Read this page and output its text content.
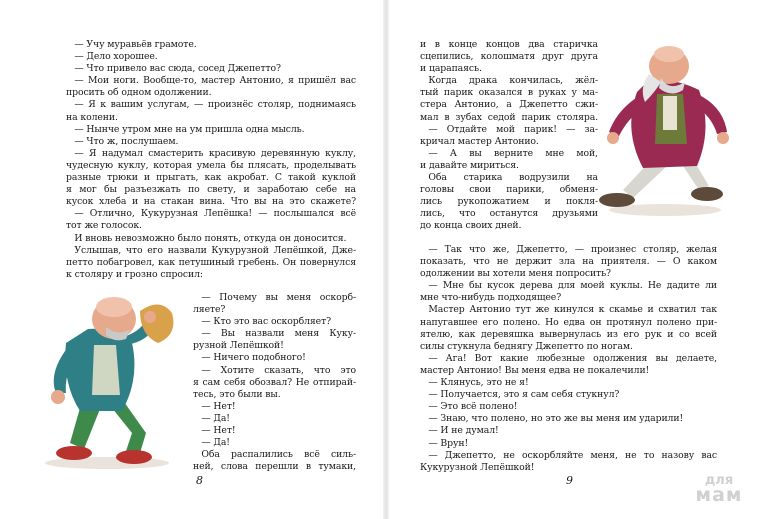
— Учу муравьёв грамоте.

— Дело хорошее.

— Что привело вас сюда, сосед Джепетто?

— Мои ноги. Вообще-то, мастер Антонио, я пришёл вас

просить об одном одолжении.

— Я к вашим услугам, — произнёс столяр, поднимаясь

на колени.

— Нынче утром мне на ум пришла одна мысль.

— Что ж, послушаем.

— Я надумал смастерить красивую деревянную куклу,

чудесную куклу, которая умела бы плясать, проделывать

разные трюки и прыгать, как акробат. С такой куклой

я мог бы разъезжать по свету, и заработаю себе на

кусок хлеба и на стакан вина. Что вы на это скажете?

— Отлично, Кукурузная Лепёшка! — послышался всё

тот же голосок.

И вновь невозможно было понять, откуда он доносится.

Услышав, что его назвали Кукурузной Лепёшкой, Дже-

петто побагровел, как петушиный гребень. Он повернулся

к столяру и грозно спросил:

— Почему вы меня оскорб-

ляете?

— Кто это вас оскорбляет?

— Вы назвали меня Куку-

рузной Лепёшкой!

— Ничего подобного!

— Хотите сказать, что это

я сам себя обозвал? Не отпирай-

тесь, это были вы.

— Нет!

— Да!

— Нет!

— Да!

Оба распалились всё силь-

ней, слова перешли в тумаки,

8

и в конце концов два старичка

сцепились, колошматя друг друга

и царапаясь.

Когда драка кончилась, жёл-

тый парик оказался в руках у ма-

стера Антонио, а Джепетто сжи-

мал в зубах седой парик столяра.

— Отдайте мой парик! — за-

кричал мастер Антонио.

— А вы верните мне мой,

и давайте мириться.

Оба старика водрузили на

головы свои парики, обменя-

лись рукопожатием и покля-

лись, что останутся друзьями

до конца своих дней.

— Так что же, Джепетто, — произнес столяр, желая

показать, что не держит зла на приятеля. — О каком

одолжении вы хотели меня попросить?

— Мне бы кусок дерева для моей куклы. Не дадите ли

мне что-нибудь подходящее?

Мастер Антонио тут же кинулся к скамье и схватил так

напугавшее его полено. Но едва он протянул полено при-

ятелю, как деревяшка вывернулась из его рук и со всей

силы стукнула беднягу Джепетто по ногам.

— Ага! Вот какие любезные одолжения вы делаете,

мастер Антонио! Вы меня едва не покалечили!

— Клянусь, это не я!

— Получается, это я сам себя стукнул?

— Это всё полено!

— Знаю, что полено, но это же вы меня им ударили!

— И не думал!

— Врун!

— Джепетто, не оскорбляйте меня, не то назову вас

Кукурузной Лепёшкой!

9	для
мам
